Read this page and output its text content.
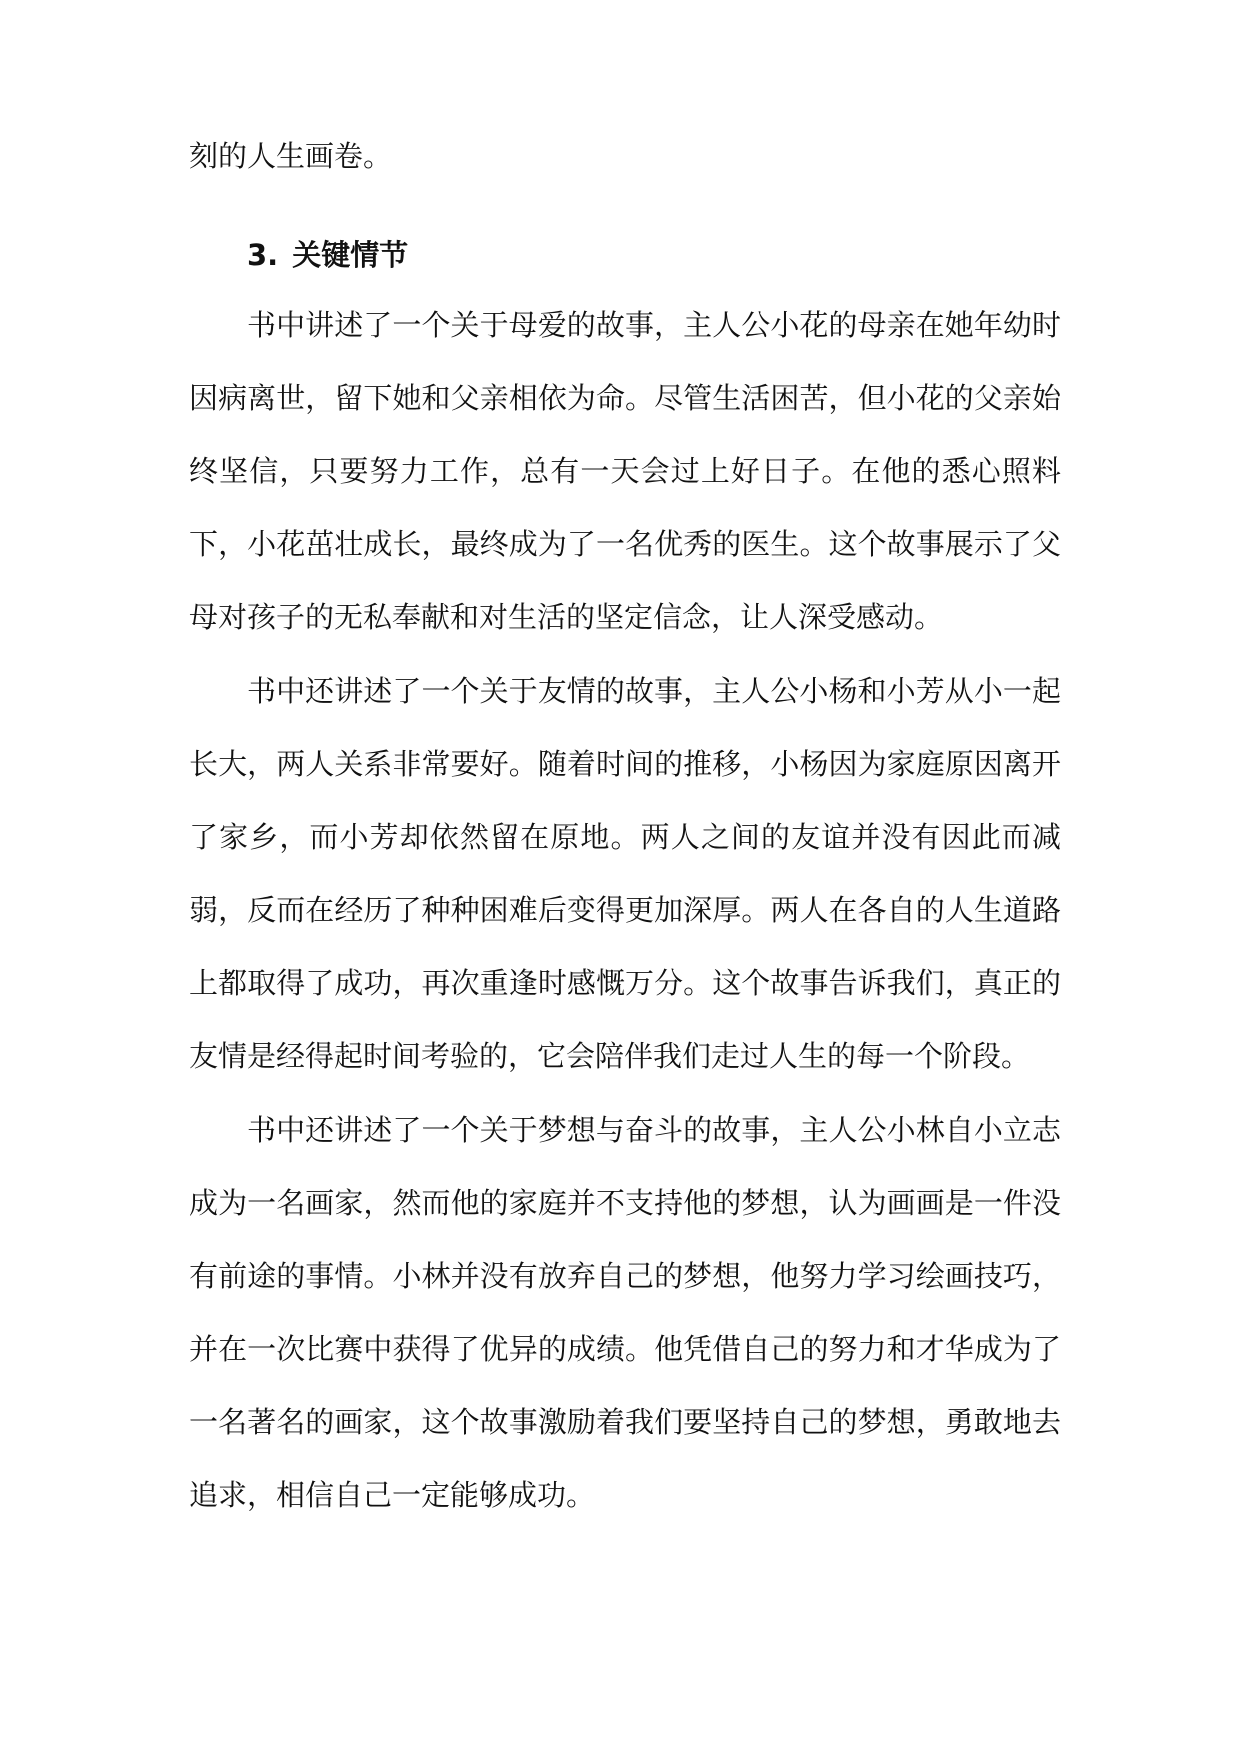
刻的人生画卷。
3. 关键情节

书中讲述了一个关于母爱的故事，主人公小花的母亲在她年幼时因病离世，留下她和父亲相依为命。尽管生活困苦，但小花的父亲始终坚信，只要努力工作，总有一天会过上好日子。在他的悉心照料下，小花茁壮成长，最终成为了一名优秀的医生。这个故事展示了父母对孩子的无私奉献和对生活的坚定信念，让人深受感动。

书中还讲述了一个关于友情的故事，主人公小杨和小芳从小一起长大，两人关系非常要好。随着时间的推移，小杨因为家庭原因离开了家乡，而小芳却依然留在原地。两人之间的友谊并没有因此而减弱，反而在经历了种种困难后变得更加深厚。两人在各自的人生道路上都取得了成功，再次重逢时感慨万分。这个故事告诉我们，真正的友情是经得起时间考验的，它会陪伴我们走过人生的每一个阶段。

书中还讲述了一个关于梦想与奋斗的故事，主人公小林自小立志成为一名画家，然而他的家庭并不支持他的梦想，认为画画是一件没有前途的事情。小林并没有放弃自己的梦想，他努力学习绘画技巧，并在一次比赛中获得了优异的成绩。他凭借自己的努力和才华成为了一名著名的画家，这个故事激励着我们要坚持自己的梦想，勇敢地去追求，相信自己一定能够成功。
